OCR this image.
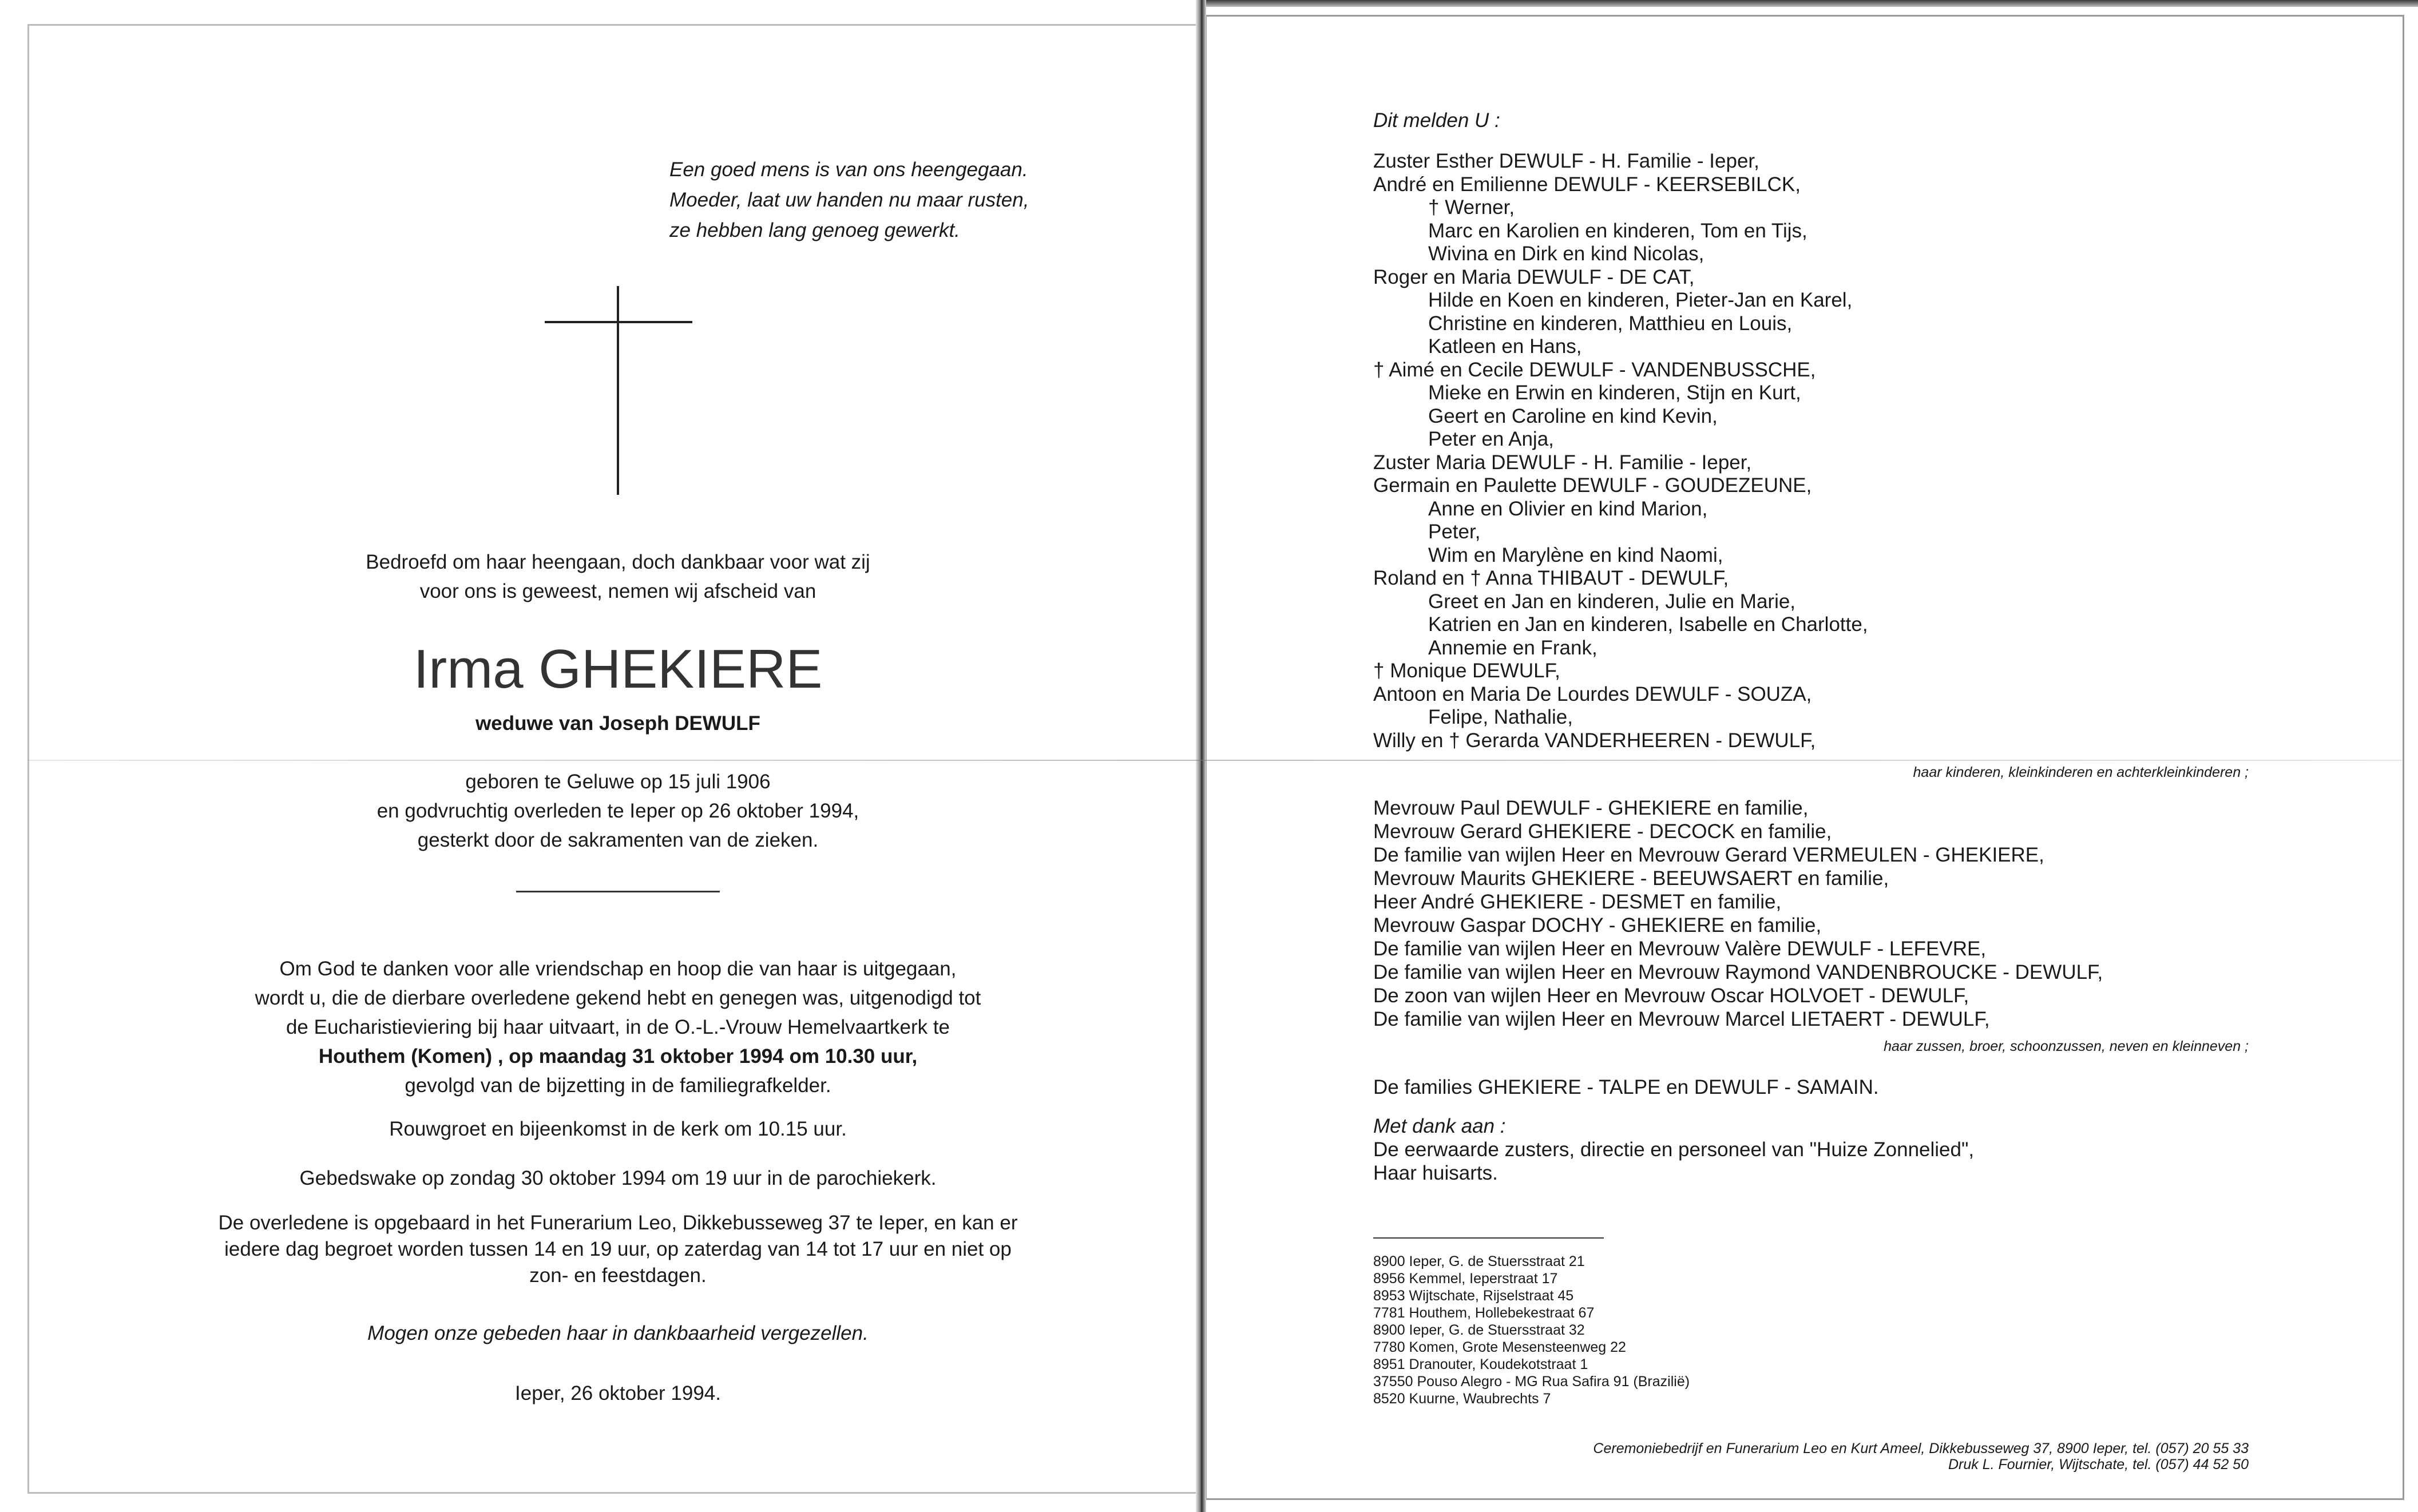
Een goed mens is van ons heengegaan.
Moeder, laat uw handen nu maar rusten,
ze hebben lang genoeg gewerkt.
Bedroefd om haar heengaan, doch dankbaar voor wat zij
voor ons is geweest, nemen wij afscheid van
Irma GHEKIERE
weduwe van Joseph DEWULF
geboren te Geluwe op 15 juli 1906
en godvruchtig overleden te Ieper op 26 oktober 1994,
gesterkt door de sakramenten van de zieken.
Om God te danken voor alle vriendschap en hoop die van haar is uitgegaan,
wordt u, die de dierbare overledene gekend hebt en genegen was, uitgenodigd tot
de Eucharistieviering bij haar uitvaart, in de O.-L.-Vrouw Hemelvaartkerk te
Houthem (Komen) , op maandag 31 oktober 1994 om 10.30 uur,
gevolgd van de bijzetting in de familiegrafkelder.
Rouwgroet en bijeenkomst in de kerk om 10.15 uur.
Gebedswake op zondag 30 oktober 1994 om 19 uur in de parochiekerk.
De overledene is opgebaard in het Funerarium Leo, Dikkebusseweg 37 te Ieper, en kan er
iedere dag begroet worden tussen 14 en 19 uur, op zaterdag van 14 tot 17 uur en niet op
zon- en feestdagen.
Mogen onze gebeden haar in dankbaarheid vergezellen.
Ieper, 26 oktober 1994.
Dit melden U :
Zuster Esther DEWULF - H. Familie - Ieper,
André en Emilienne DEWULF - KEERSEBILCK,
† Werner,
Marc en Karolien en kinderen, Tom en Tijs,
Wivina en Dirk en kind Nicolas,
Roger en Maria DEWULF - DE CAT,
Hilde en Koen en kinderen, Pieter-Jan en Karel,
Christine en kinderen, Matthieu en Louis,
Katleen en Hans,
† Aimé en Cecile DEWULF - VANDENBUSSCHE,
Mieke en Erwin en kinderen, Stijn en Kurt,
Geert en Caroline en kind Kevin,
Peter en Anja,
Zuster Maria DEWULF - H. Familie - Ieper,
Germain en Paulette DEWULF - GOUDEZEUNE,
Anne en Olivier en kind Marion,
Peter,
Wim en Marylène en kind Naomi,
Roland en † Anna THIBAUT - DEWULF,
Greet en Jan en kinderen, Julie en Marie,
Katrien en Jan en kinderen, Isabelle en Charlotte,
Annemie en Frank,
† Monique DEWULF,
Antoon en Maria De Lourdes DEWULF - SOUZA,
Felipe, Nathalie,
Willy en † Gerarda VANDERHEEREN - DEWULF,
haar kinderen, kleinkinderen en achterkleinkinderen ;
Mevrouw Paul DEWULF - GHEKIERE en familie,
Mevrouw Gerard GHEKIERE - DECOCK en familie,
De familie van wijlen Heer en Mevrouw Gerard VERMEULEN - GHEKIERE,
Mevrouw Maurits GHEKIERE - BEEUWSAERT en familie,
Heer André GHEKIERE - DESMET en familie,
Mevrouw Gaspar DOCHY - GHEKIERE en familie,
De familie van wijlen Heer en Mevrouw Valère DEWULF - LEFEVRE,
De familie van wijlen Heer en Mevrouw Raymond VANDENBROUCKE - DEWULF,
De zoon van wijlen Heer en Mevrouw Oscar HOLVOET - DEWULF,
De familie van wijlen Heer en Mevrouw Marcel LIETAERT - DEWULF,
haar zussen, broer, schoonzussen, neven en kleinneven ;
De families GHEKIERE - TALPE en DEWULF - SAMAIN.
Met dank aan :
De eerwaarde zusters, directie en personeel van "Huize Zonnelied",
Haar huisarts.
8900 Ieper, G. de Stuersstraat 21
8956 Kemmel, Ieperstraat 17
8953 Wijtschate, Rijselstraat 45
7781 Houthem, Hollebekestraat 67
8900 Ieper, G. de Stuersstraat 32
7780 Komen, Grote Mesensteenweg 22
8951 Dranouter, Koudekotstraat 1
37550 Pouso Alegro - MG Rua Safira 91 (Brazilië)
8520 Kuurne, Waubrechts 7
Ceremoniebedrijf en Funerarium Leo en Kurt Ameel, Dikkebusseweg 37, 8900 Ieper, tel. (057) 20 55 33
Druk L. Fournier, Wijtschate, tel. (057) 44 52 50
